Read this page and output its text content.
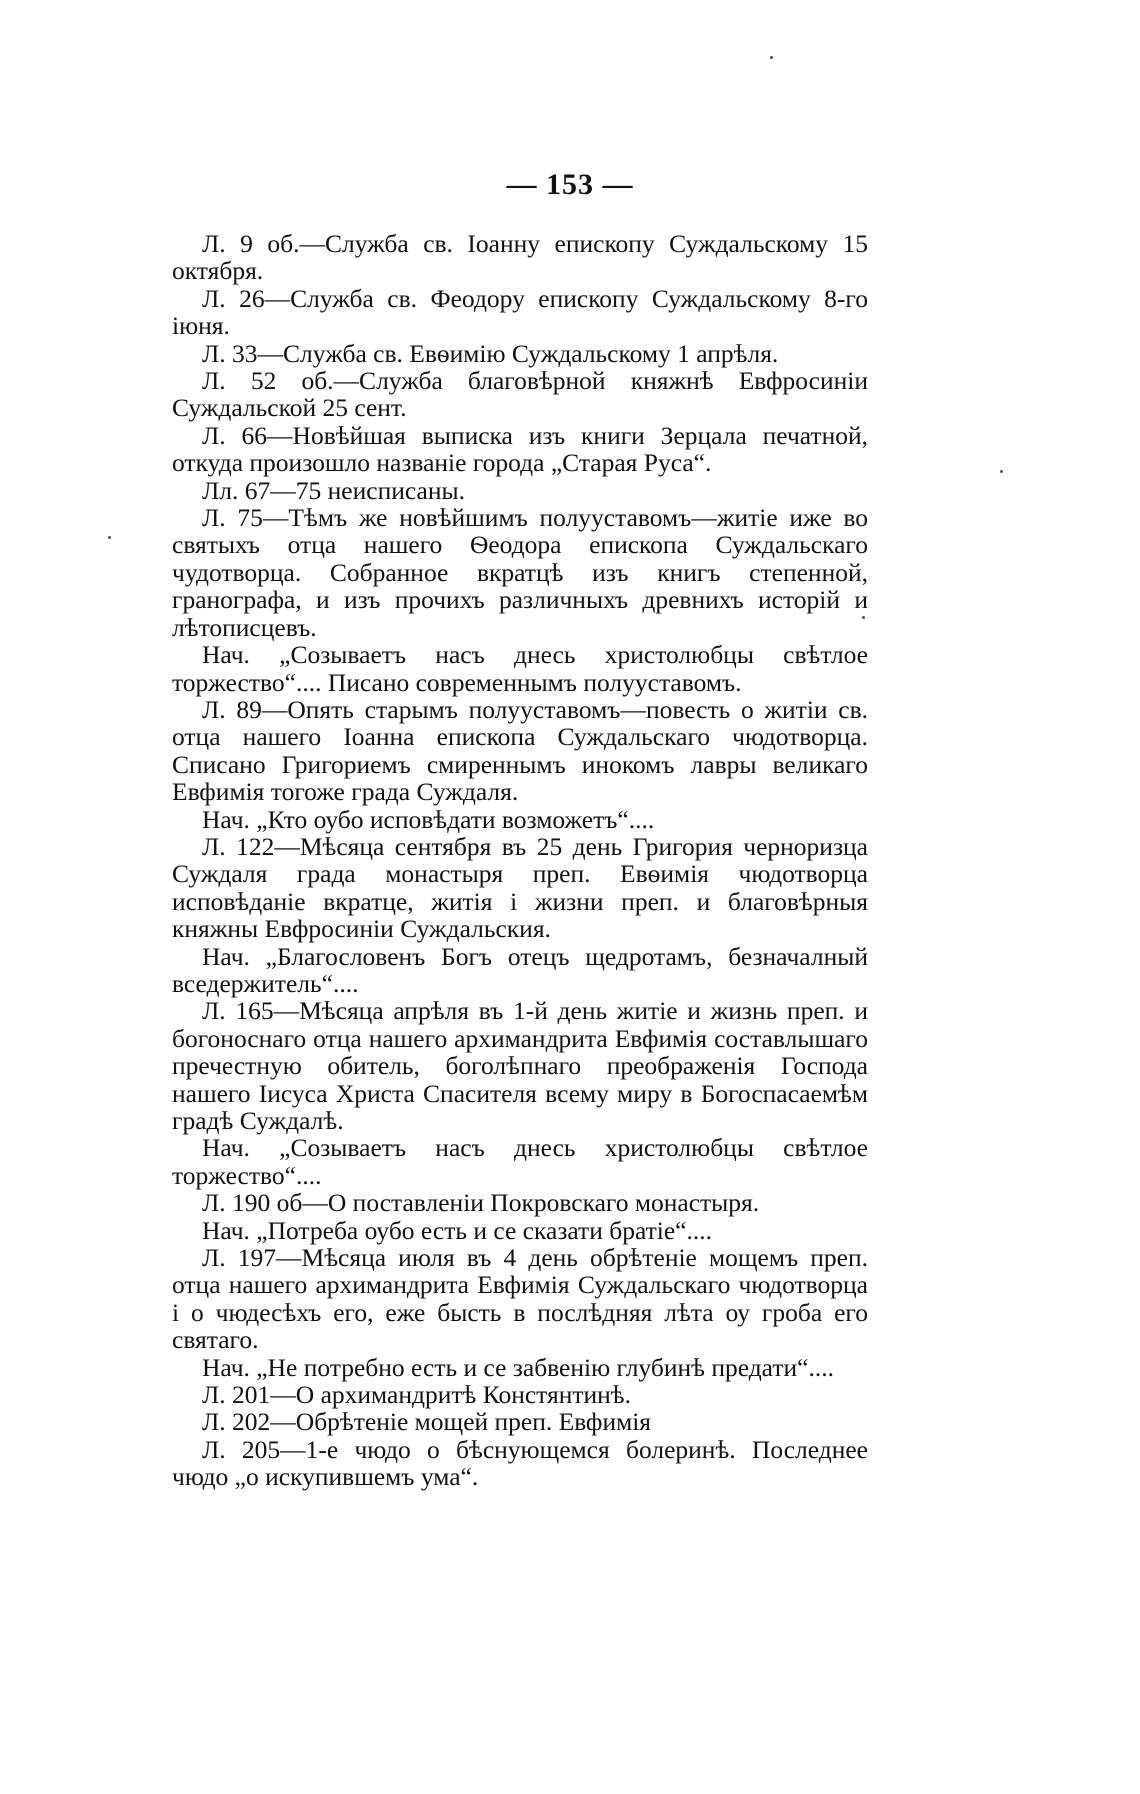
— 153 —

Л. 9 об.—Служба св. Іоанну епископу Суждальскому 15 октября.

Л. 26—Служба св. Феодору епископу Суждальскому 8-го іюня.

Л. 33—Служба св. Евѳимію Суждальскому 1 апрѣля.

Л. 52 об.—Служба благовѣрной княжнѣ Евфросиніи Суждальской 25 сент.

Л. 66—Новѣйшая выписка изъ книги Зерцала печатной, откуда произошло названіе города „Старая Руса“.

Лл. 67—75 неисписаны.

Л. 75—Тѣмъ же новѣйшимъ полууставомъ—житіе иже во святыхъ отца нашего Ѳеодора епископа Суждальскаго чудотворца. Собранное вкратцѣ изъ книгъ степенной, гранографа, и изъ прочихъ различныхъ древнихъ исторій и лѣтописцевъ.

Нач. „Созываетъ насъ днесь христолюбцы свѣтлое торжество“.... Писано современнымъ полууставомъ.

Л. 89—Опять старымъ полууставомъ—повесть о житіи св. отца нашего Іоанна епископа Суждальскаго чюдотворца. Списано Григориемъ смиреннымъ инокомъ лавры великаго Евфимія тогоже града Суждаля.

Нач. „Кто оубо исповѣдати возможетъ“....

Л. 122—Мѣсяца сентября въ 25 день Григория черноризца Суждаля града монастыря преп. Евѳимія чюдотворца исповѣданіе вкратце, житія і жизни преп. и благовѣрныя княжны Евфросиніи Суждальския.

Нач. „Благословенъ Богъ отецъ щедротамъ, безначалный вседержитель“....

Л. 165—Мѣсяца апрѣля въ 1-й день житіе и жизнь преп. и богоноснаго отца нашего архимандрита Евфимія составлышаго пречестную обитель, боголѣпнаго преображенія Господа нашего Іисуса Христа Спасителя всему миру в Богоспасаемѣм градѣ Суждалѣ.

Нач. „Созываетъ насъ днесь христолюбцы свѣтлое торжество“....

Л. 190 об—О поставленіи Покровскаго монастыря.

Нач. „Потреба оубо есть и се сказати братіе“....

Л. 197—Мѣсяца июля въ 4 день обрѣтеніе мощемъ преп. отца нашего архимандрита Евфимія Суждальскаго чюдотворца і о чюдесѣхъ его, еже бысть в послѣдняя лѣта оу гроба его святаго.

Нач. „Не потребно есть и се забвенію глубинѣ предати“....

Л. 201—О архимандритѣ Констянтинѣ.

Л. 202—Обрѣтеніе мощей преп. Евфимія

Л. 205—1-е чюдо о бѣснующемся болеринѣ. Последнее чюдо „о искупившемъ ума“.
